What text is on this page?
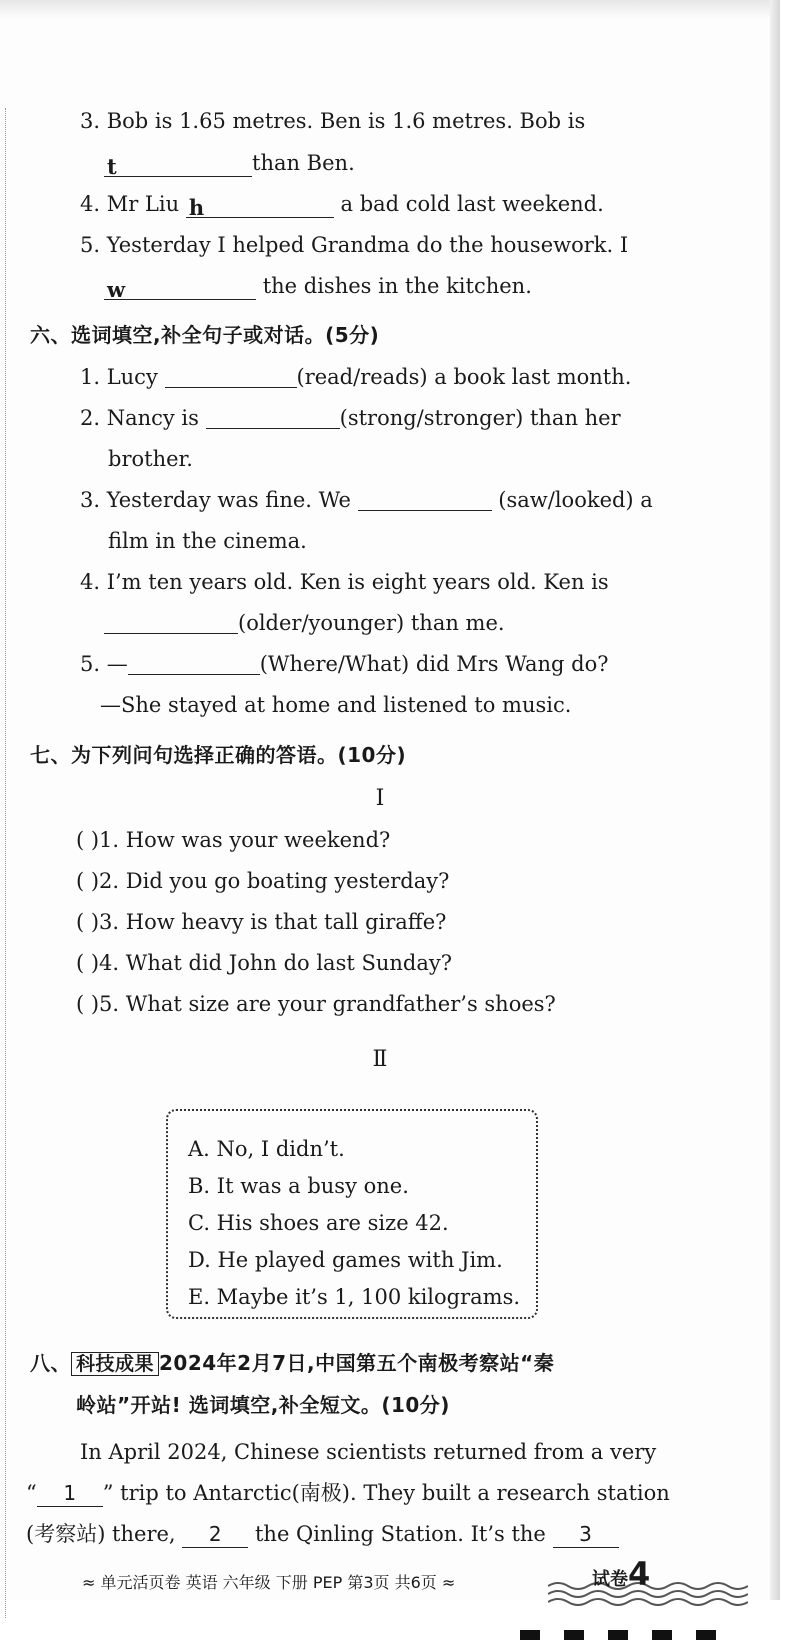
3. Bob is 1.65 metres. Ben is 1.6 metres. Bob is
t	than Ben.
4. Mr Liu h	a bad cold last weekend.
5. Yesterday I helped Grandma do the housework. I
w	the dishes in the kitchen.
六、选词填空,补全句子或对话。(5分)
1. Lucy	(read/reads) a book last month.
2. Nancy is	(strong/stronger) than her
brother.
3. Yesterday was fine. We	(saw/looked) a
film in the cinema.
4. I’m ten years old. Ken is eight years old. Ken is
(older/younger) than me.
5. —	(Where/What) did Mrs Wang do?
—She stayed at home and listened to music.
七、为下列问句选择正确的答语。(10分)
I
( )1. How was your weekend?
( )2. Did you go boating yesterday?
( )3. How heavy is that tall giraffe?
( )4. What did John do last Sunday?
( )5. What size are your grandfather’s shoes?
Ⅱ
A. No, I didn’t.
B. It was a busy one.
C. His shoes are size 42.
D. He played games with Jim.
E. Maybe it’s 1, 100 kilograms.
八、 科技成果 2024年2月7日,中国第五个南极考察站“秦
岭站”开站! 选词填空,补全短文。(10分)
In April 2024, Chinese scientists returned from a very
“ 1 ” trip to Antarctic(南极). They built a research station
(考察站) there, 2 the Qinling Station. It’s the 3
≈ 单元活页卷 英语 六年级 下册 PEP 第3页 共6页 ≈	试卷4
